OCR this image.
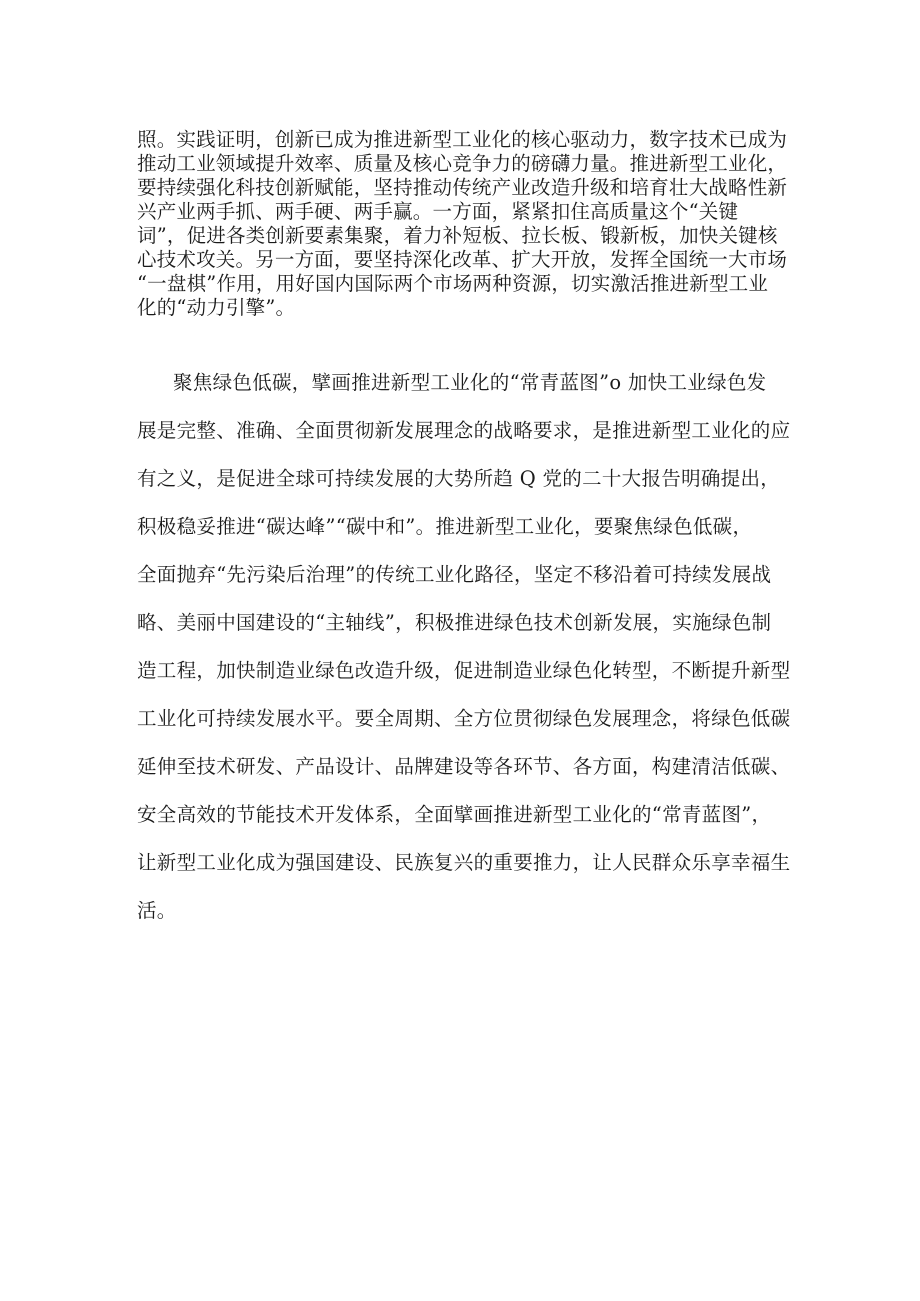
照。实践证明，创新已成为推进新型工业化的核心驱动力，数字技术已成为
推动工业领域提升效率、质量及核心竞争力的磅礴力量。推进新型工业化，
要持续强化科技创新赋能，坚持推动传统产业改造升级和培育壮大战略性新
兴产业两手抓、两手硬、两手赢。一方面，紧紧扣住高质量这个“关键
词”，促进各类创新要素集聚，着力补短板、拉长板、锻新板，加快关键核
心技术攻关。另一方面，要坚持深化改革、扩大开放，发挥全国统一大市场
“一盘棋”作用，用好国内国际两个市场两种资源，切实激活推进新型工业
化的“动力引擎”。
聚焦绿色低碳，擘画推进新型工业化的“常青蓝图”o 加快工业绿色发
展是完整、准确、全面贯彻新发展理念的战略要求，是推进新型工业化的应
有之义，是促进全球可持续发展的大势所趋 Q 党的二十大报告明确提出，
积极稳妥推进“碳达峰”“碳中和”。推进新型工业化，要聚焦绿色低碳，
全面抛弃“先污染后治理”的传统工业化路径，坚定不移沿着可持续发展战
略、美丽中国建设的“主轴线”，积极推进绿色技术创新发展，实施绿色制
造工程，加快制造业绿色改造升级，促进制造业绿色化转型，不断提升新型
工业化可持续发展水平。要全周期、全方位贯彻绿色发展理念，将绿色低碳
延伸至技术研发、产品设计、品牌建设等各环节、各方面，构建清洁低碳、
安全高效的节能技术开发体系，全面擘画推进新型工业化的“常青蓝图”，
让新型工业化成为强国建设、民族复兴的重要推力，让人民群众乐享幸福生
活。
